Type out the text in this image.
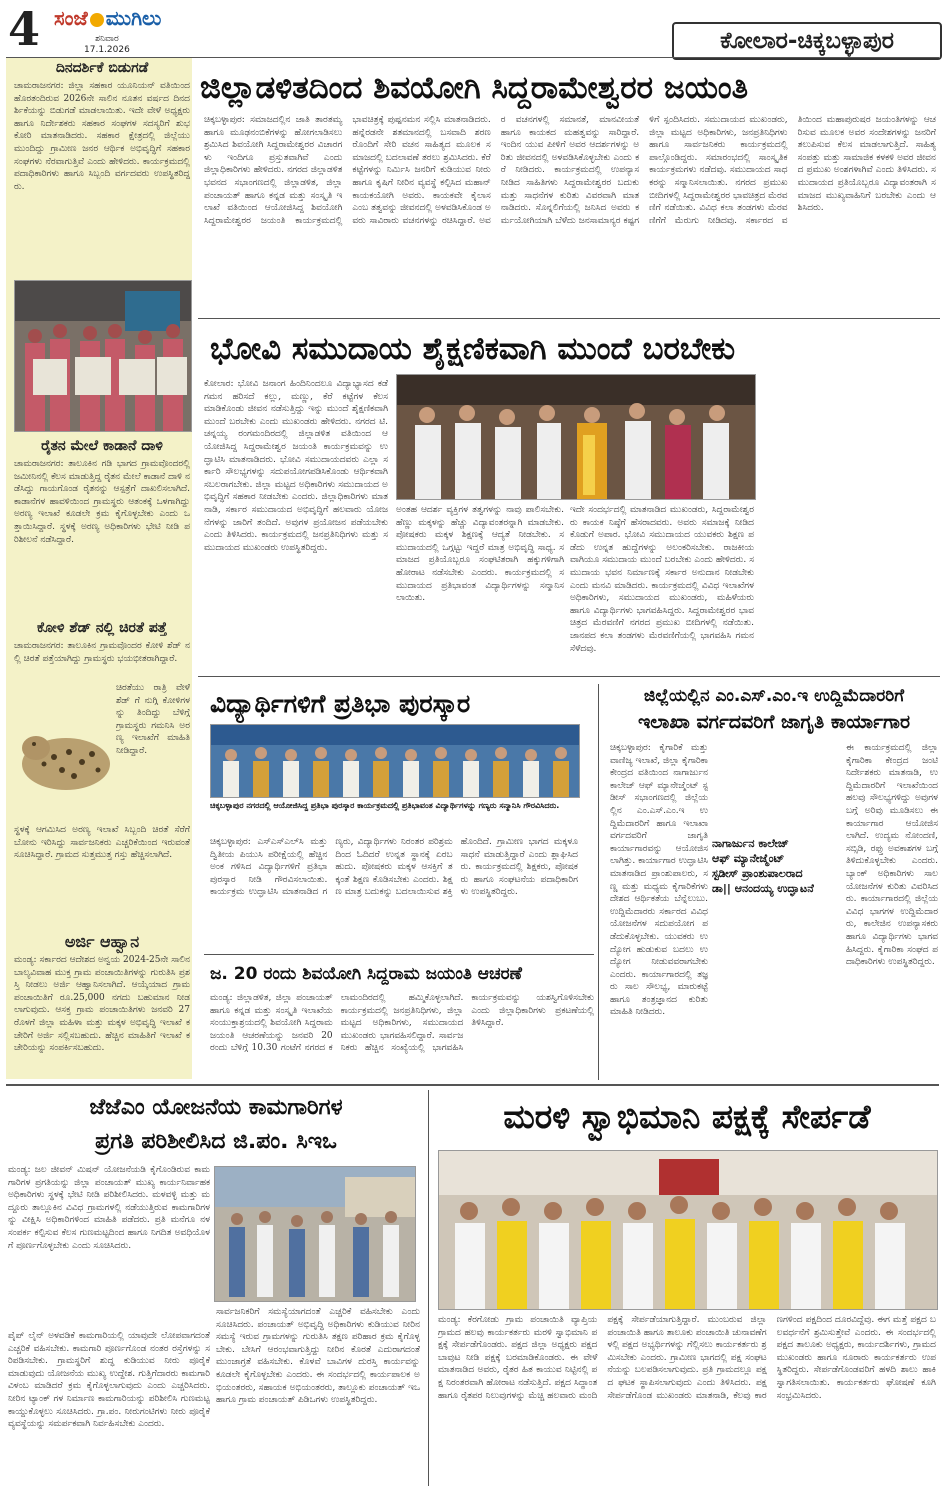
4 ಸಂಜೆ ಮುಗಿಲು
ಶನಿವಾರ
17.1.2026	ಕೋಲಾರ-ಚಿಕ್ಕಬಳ್ಳಾಪುರ
ದಿನದರ್ಶಿಕೆ ಬಿಡುಗಡೆ
ಚಾಮರಾಜನಗರ: ಜಿಲ್ಲಾ ಸಹಕಾರ ಯೂನಿಯನ್ ವತಿಯಿಂದ ಹೊರತಂದಿರುವ 2026ನೇ ಸಾಲಿನ ನೂತನ ವರ್ಷದ ದಿನದರ್ಶಿಕೆಯನ್ನು ಬಿಡುಗಡೆ ಮಾಡಲಾಯಿತು. ಇದೇ ವೇಳೆ ಅಧ್ಯಕ್ಷರು ಹಾಗೂ ನಿರ್ದೇಶಕರು ಸಹಕಾರ ಸಂಘಗಳ ಸದಸ್ಯರಿಗೆ ಶುಭ ಕೋರಿ ಮಾತನಾಡಿದರು. ಸಹಕಾರ ಕ್ಷೇತ್ರದಲ್ಲಿ ಜಿಲ್ಲೆಯು ಮುಂದಿದ್ದು ಗ್ರಾಮೀಣ ಜನರ ಆರ್ಥಿಕ ಅಭಿವೃದ್ಧಿಗೆ ಸಹಕಾರ ಸಂಘಗಳು ನೆರವಾಗುತ್ತಿವೆ ಎಂದು ಹೇಳಿದರು. ಕಾರ್ಯಕ್ರಮದಲ್ಲಿ ಪದಾಧಿಕಾರಿಗಳು ಹಾಗೂ ಸಿಬ್ಬಂದಿ ವರ್ಗದವರು ಉಪಸ್ಥಿತರಿದ್ದರು.
ರೈತನ ಮೇಲೆ ಕಾಡಾನೆ ದಾಳಿ
ಚಾಮರಾಜನಗರ: ತಾಲೂಕಿನ ಗಡಿ ಭಾಗದ ಗ್ರಾಮವೊಂದರಲ್ಲಿ ಜಮೀನಿನಲ್ಲಿ ಕೆಲಸ ಮಾಡುತ್ತಿದ್ದ ರೈತನ ಮೇಲೆ ಕಾಡಾನೆ ದಾಳಿ ನಡೆಸಿದ್ದು ಗಾಯಗೊಂಡ ರೈತನನ್ನು ಆಸ್ಪತ್ರೆಗೆ ದಾಖಲಿಸಲಾಗಿದೆ. ಕಾಡಾನೆಗಳ ಹಾವಳಿಯಿಂದ ಗ್ರಾಮಸ್ಥರು ಆತಂಕಕ್ಕೆ ಒಳಗಾಗಿದ್ದು ಅರಣ್ಯ ಇಲಾಖೆ ಕೂಡಲೇ ಕ್ರಮ ಕೈಗೊಳ್ಳಬೇಕು ಎಂದು ಒತ್ತಾಯಿಸಿದ್ದಾರೆ. ಸ್ಥಳಕ್ಕೆ ಅರಣ್ಯ ಅಧಿಕಾರಿಗಳು ಭೇಟಿ ನೀಡಿ ಪರಿಶೀಲನೆ ನಡೆಸಿದ್ದಾರೆ.
ಕೋಳಿ ಶೆಡ್ ನಲ್ಲಿ ಚಿರತೆ ಪತ್ತೆ
ಚಾಮರಾಜನಗರ: ತಾಲೂಕಿನ ಗ್ರಾಮವೊಂದರ ಕೋಳಿ ಶೆಡ್ ನಲ್ಲಿ ಚಿರತೆ ಪತ್ತೆಯಾಗಿದ್ದು ಗ್ರಾಮಸ್ಥರು ಭಯಭೀತರಾಗಿದ್ದಾರೆ.
ಚಿರತೆಯು ರಾತ್ರಿ ವೇಳೆ ಶೆಡ್ ಗೆ ನುಗ್ಗಿ ಕೋಳಿಗಳನ್ನು ತಿಂದಿದ್ದು ಬೆಳಿಗ್ಗೆ ಗ್ರಾಮಸ್ಥರು ಗಮನಿಸಿ ಅರಣ್ಯ ಇಲಾಖೆಗೆ ಮಾಹಿತಿ ನೀಡಿದ್ದಾರೆ.
ಸ್ಥಳಕ್ಕೆ ಆಗಮಿಸಿದ ಅರಣ್ಯ ಇಲಾಖೆ ಸಿಬ್ಬಂದಿ ಚಿರತೆ ಸೆರೆಗೆ ಬೋನು ಇರಿಸಿದ್ದು ಸಾರ್ವಜನಿಕರು ಎಚ್ಚರಿಕೆಯಿಂದ ಇರುವಂತೆ ಸೂಚಿಸಿದ್ದಾರೆ. ಗ್ರಾಮದ ಸುತ್ತಮುತ್ತ ಗಸ್ತು ಹೆಚ್ಚಿಸಲಾಗಿದೆ.
ಅರ್ಜಿ ಆಹ್ವಾನ
ಮಂಡ್ಯ: ಸರ್ಕಾರದ ಆದೇಶದ ಅನ್ವಯ 2024-25ನೇ ಸಾಲಿನ ಬಾಲ್ಯವಿವಾಹ ಮುಕ್ತ ಗ್ರಾಮ ಪಂಚಾಯಿತಿಗಳನ್ನು ಗುರುತಿಸಿ ಪ್ರಶಸ್ತಿ ನೀಡಲು ಅರ್ಜಿ ಆಹ್ವಾನಿಸಲಾಗಿದೆ. ಆಯ್ಕೆಯಾದ ಗ್ರಾಮ ಪಂಚಾಯಿತಿಗೆ ರೂ.25,000 ನಗದು ಬಹುಮಾನ ನೀಡಲಾಗುವುದು. ಆಸಕ್ತ ಗ್ರಾಮ ಪಂಚಾಯಿತಿಗಳು ಜನವರಿ 27ರೊಳಗೆ ಜಿಲ್ಲಾ ಮಹಿಳಾ ಮತ್ತು ಮಕ್ಕಳ ಅಭಿವೃದ್ಧಿ ಇಲಾಖೆ ಕಚೇರಿಗೆ ಅರ್ಜಿ ಸಲ್ಲಿಸಬಹುದು. ಹೆಚ್ಚಿನ ಮಾಹಿತಿಗೆ ಇಲಾಖೆ ಕಚೇರಿಯನ್ನು ಸಂಪರ್ಕಿಸಬಹುದು.
ಜಿಲ್ಲಾಡಳಿತದಿಂದ ಶಿವಯೋಗಿ ಸಿದ್ದರಾಮೇಶ್ವರರ ಜಯಂತಿ
ಚಿಕ್ಕಬಳ್ಳಾಪುರ: ಸಮಾಜದಲ್ಲಿನ ಜಾತಿ ತಾರತಮ್ಯ ಹಾಗೂ ಮೂಢನಂಬಿಕೆಗಳನ್ನು ಹೋಗಲಾಡಿಸಲು ಶ್ರಮಿಸಿದ ಶಿವಯೋಗಿ ಸಿದ್ದರಾಮೇಶ್ವರರ ವಿಚಾರಗಳು ಇಂದಿಗೂ ಪ್ರಸ್ತುತವಾಗಿವೆ ಎಂದು ಜಿಲ್ಲಾಧಿಕಾರಿಗಳು ಹೇಳಿದರು. ನಗರದ ಜಿಲ್ಲಾಡಳಿತ ಭವನದ ಸಭಾಂಗಣದಲ್ಲಿ ಜಿಲ್ಲಾಡಳಿತ, ಜಿಲ್ಲಾ ಪಂಚಾಯತ್ ಹಾಗೂ ಕನ್ನಡ ಮತ್ತು ಸಂಸ್ಕೃತಿ ಇಲಾಖೆ ವತಿಯಿಂದ ಆಯೋಜಿಸಿದ್ದ ಶಿವಯೋಗಿ ಸಿದ್ದರಾಮೇಶ್ವರರ ಜಯಂತಿ ಕಾರ್ಯಕ್ರಮದಲ್ಲಿ ಭಾವಚಿತ್ರಕ್ಕೆ ಪುಷ್ಪನಮನ ಸಲ್ಲಿಸಿ ಮಾತನಾಡಿದರು. ಹನ್ನೆರಡನೇ ಶತಮಾನದಲ್ಲಿ ಬಸವಾದಿ ಶರಣರೊಂದಿಗೆ ಸೇರಿ ವಚನ ಸಾಹಿತ್ಯದ ಮೂಲಕ ಸಮಾಜದಲ್ಲಿ ಬದಲಾವಣೆ ತರಲು ಶ್ರಮಿಸಿದರು. ಕೆರೆ ಕಟ್ಟೆಗಳನ್ನು ನಿರ್ಮಿಸಿ ಜನರಿಗೆ ಕುಡಿಯುವ ನೀರು ಹಾಗೂ ಕೃಷಿಗೆ ನೀರಿನ ವ್ಯವಸ್ಥೆ ಕಲ್ಪಿಸಿದ ಮಹಾನ್ ಕಾಯಕಯೋಗಿ ಅವರು. ಕಾಯಕವೇ ಕೈಲಾಸ ಎಂಬ ತತ್ವವನ್ನು ಜೀವನದಲ್ಲಿ ಅಳವಡಿಸಿಕೊಂಡ ಅವರು ಸಾವಿರಾರು ವಚನಗಳನ್ನು ರಚಿಸಿದ್ದಾರೆ. ಅವರ ವಚನಗಳಲ್ಲಿ ಸಮಾನತೆ, ಮಾನವೀಯತೆ ಹಾಗೂ ಕಾಯಕದ ಮಹತ್ವವನ್ನು ಸಾರಿದ್ದಾರೆ. ಇಂದಿನ ಯುವ ಪೀಳಿಗೆ ಅವರ ಆದರ್ಶಗಳನ್ನು ಅರಿತು ಜೀವನದಲ್ಲಿ ಅಳವಡಿಸಿಕೊಳ್ಳಬೇಕು ಎಂದು ಕರೆ ನೀಡಿದರು. ಕಾರ್ಯಕ್ರಮದಲ್ಲಿ ಉಪನ್ಯಾಸ ನೀಡಿದ ಸಾಹಿತಿಗಳು ಸಿದ್ದರಾಮೇಶ್ವರರ ಬದುಕು ಮತ್ತು ಸಾಧನೆಗಳ ಕುರಿತು ವಿವರವಾಗಿ ಮಾತನಾಡಿದರು. ಸೊನ್ನಲಿಗೆಯಲ್ಲಿ ಜನಿಸಿದ ಅವರು ಕರ್ಮಯೋಗಿಯಾಗಿ ಬೆಳೆದು ಜನಸಾಮಾನ್ಯರ ಕಷ್ಟಗಳಿಗೆ ಸ್ಪಂದಿಸಿದರು. ಸಮುದಾಯದ ಮುಖಂಡರು, ಜಿಲ್ಲಾ ಮಟ್ಟದ ಅಧಿಕಾರಿಗಳು, ಜನಪ್ರತಿನಿಧಿಗಳು ಹಾಗೂ ಸಾರ್ವಜನಿಕರು ಕಾರ್ಯಕ್ರಮದಲ್ಲಿ ಪಾಲ್ಗೊಂಡಿದ್ದರು. ಸಮಾರಂಭದಲ್ಲಿ ಸಾಂಸ್ಕೃತಿಕ ಕಾರ್ಯಕ್ರಮಗಳು ನಡೆದವು. ಸಮುದಾಯದ ಸಾಧಕರನ್ನು ಸನ್ಮಾನಿಸಲಾಯಿತು. ನಗರದ ಪ್ರಮುಖ ಬೀದಿಗಳಲ್ಲಿ ಸಿದ್ದರಾಮೇಶ್ವರರ ಭಾವಚಿತ್ರದ ಮೆರವಣಿಗೆ ನಡೆಯಿತು. ವಿವಿಧ ಕಲಾ ತಂಡಗಳು ಮೆರವಣಿಗೆಗೆ ಮೆರುಗು ನೀಡಿದವು. ಸರ್ಕಾರದ ವತಿಯಿಂದ ಮಹಾಪುರುಷರ ಜಯಂತಿಗಳನ್ನು ಆಚರಿಸುವ ಮೂಲಕ ಅವರ ಸಂದೇಶಗಳನ್ನು ಜನರಿಗೆ ತಲುಪಿಸುವ ಕೆಲಸ ಮಾಡಲಾಗುತ್ತಿದೆ. ಸಾಹಿತ್ಯ ಸಂಪತ್ತು ಮತ್ತು ಸಾಮಾಜಿಕ ಕಳಕಳಿ ಅವರ ಜೀವನದ ಪ್ರಮುಖ ಅಂಶಗಳಾಗಿವೆ ಎಂದು ತಿಳಿಸಿದರು. ಸಮುದಾಯದ ಪ್ರತಿಯೊಬ್ಬರೂ ವಿದ್ಯಾವಂತರಾಗಿ ಸಮಾಜದ ಮುಖ್ಯವಾಹಿನಿಗೆ ಬರಬೇಕು ಎಂದು ಆಶಿಸಿದರು.
ಭೋವಿ ಸಮುದಾಯ ಶೈಕ್ಷಣಿಕವಾಗಿ ಮುಂದೆ ಬರಬೇಕು
ಕೋಲಾರ: ಭೋವಿ ಜನಾಂಗ ಹಿಂದಿನಿಂದಲೂ ವಿದ್ಯಾಭ್ಯಾಸದ ಕಡೆ ಗಮನ ಹರಿಸದೆ ಕಲ್ಲು, ಮಣ್ಣು, ಕೆರೆ ಕಟ್ಟೆಗಳ ಕೆಲಸ ಮಾಡಿಕೊಂಡು ಜೀವನ ನಡೆಸುತ್ತಿದ್ದು ಇನ್ನು ಮುಂದೆ ಶೈಕ್ಷಣಿಕವಾಗಿ ಮುಂದೆ ಬರಬೇಕು ಎಂದು ಮುಖಂಡರು ಹೇಳಿದರು. ನಗರದ ಟಿ.ಚನ್ನಯ್ಯ ರಂಗಮಂದಿರದಲ್ಲಿ ಜಿಲ್ಲಾಡಳಿತ ವತಿಯಿಂದ ಆಯೋಜಿಸಿದ್ದ ಸಿದ್ದರಾಮೇಶ್ವರ ಜಯಂತಿ ಕಾರ್ಯಕ್ರಮವನ್ನು ಉದ್ಘಾಟಿಸಿ ಮಾತನಾಡಿದರು. ಭೋವಿ ಸಮುದಾಯದವರು ಎಲ್ಲಾ ಸರ್ಕಾರಿ ಸೌಲಭ್ಯಗಳನ್ನು ಸದುಪಯೋಗಪಡಿಸಿಕೊಂಡು ಆರ್ಥಿಕವಾಗಿ ಸಬಲರಾಗಬೇಕು. ಜಿಲ್ಲಾ ಮಟ್ಟದ ಅಧಿಕಾರಿಗಳು ಸಮುದಾಯದ ಅಭಿವೃದ್ಧಿಗೆ ಸಹಕಾರ ನೀಡಬೇಕು ಎಂದರು. ಜಿಲ್ಲಾಧಿಕಾರಿಗಳು ಮಾತನಾಡಿ, ಸರ್ಕಾರ ಸಮುದಾಯದ ಅಭಿವೃದ್ಧಿಗೆ ಹಲವಾರು ಯೋಜನೆಗಳನ್ನು ಜಾರಿಗೆ ತಂದಿದೆ. ಅವುಗಳ ಪ್ರಯೋಜನ ಪಡೆಯಬೇಕು ಎಂದು ತಿಳಿಸಿದರು. ಕಾರ್ಯಕ್ರಮದಲ್ಲಿ ಜನಪ್ರತಿನಿಧಿಗಳು ಮತ್ತು ಸಮುದಾಯದ ಮುಖಂಡರು ಉಪಸ್ಥಿತರಿದ್ದರು.
ಅಂತಹ ಆದರ್ಶ ವ್ಯಕ್ತಿಗಳ ತತ್ವಗಳನ್ನು ನಾವು ಪಾಲಿಸಬೇಕು. ಹೆಣ್ಣು ಮಕ್ಕಳನ್ನು ಹೆಚ್ಚು ವಿದ್ಯಾವಂತರನ್ನಾಗಿ ಮಾಡಬೇಕು. ಪೋಷಕರು ಮಕ್ಕಳ ಶಿಕ್ಷಣಕ್ಕೆ ಆದ್ಯತೆ ನೀಡಬೇಕು. ಸಮುದಾಯದಲ್ಲಿ ಒಗ್ಗಟ್ಟು ಇದ್ದರೆ ಮಾತ್ರ ಅಭಿವೃದ್ಧಿ ಸಾಧ್ಯ. ಸಮಾಜದ ಪ್ರತಿಯೊಬ್ಬರೂ ಸಂಘಟಿತರಾಗಿ ಹಕ್ಕುಗಳಿಗಾಗಿ ಹೋರಾಟ ನಡೆಸಬೇಕು ಎಂದರು. ಕಾರ್ಯಕ್ರಮದಲ್ಲಿ ಸಮುದಾಯದ ಪ್ರತಿಭಾವಂತ ವಿದ್ಯಾರ್ಥಿಗಳನ್ನು ಸನ್ಮಾನಿಸಲಾಯಿತು.
ಇದೇ ಸಂದರ್ಭದಲ್ಲಿ ಮಾತನಾಡಿದ ಮುಖಂಡರು, ಸಿದ್ದರಾಮೇಶ್ವರರು ಕಾಯಕ ನಿಷ್ಠೆಗೆ ಹೆಸರಾದವರು. ಅವರು ಸಮಾಜಕ್ಕೆ ನೀಡಿದ ಕೊಡುಗೆ ಅಪಾರ. ಭೋವಿ ಸಮುದಾಯದ ಯುವಕರು ಶಿಕ್ಷಣ ಪಡೆದು ಉನ್ನತ ಹುದ್ದೆಗಳನ್ನು ಅಲಂಕರಿಸಬೇಕು. ರಾಜಕೀಯವಾಗಿಯೂ ಸಮುದಾಯ ಮುಂದೆ ಬರಬೇಕು ಎಂದು ಹೇಳಿದರು. ಸಮುದಾಯ ಭವನ ನಿರ್ಮಾಣಕ್ಕೆ ಸರ್ಕಾರ ಅನುದಾನ ನೀಡಬೇಕು ಎಂದು ಮನವಿ ಮಾಡಿದರು. ಕಾರ್ಯಕ್ರಮದಲ್ಲಿ ವಿವಿಧ ಇಲಾಖೆಗಳ ಅಧಿಕಾರಿಗಳು, ಸಮುದಾಯದ ಮುಖಂಡರು, ಮಹಿಳೆಯರು ಹಾಗೂ ವಿದ್ಯಾರ್ಥಿಗಳು ಭಾಗವಹಿಸಿದ್ದರು. ಸಿದ್ದರಾಮೇಶ್ವರರ ಭಾವಚಿತ್ರದ ಮೆರವಣಿಗೆ ನಗರದ ಪ್ರಮುಖ ಬೀದಿಗಳಲ್ಲಿ ನಡೆಯಿತು. ಜಾನಪದ ಕಲಾ ತಂಡಗಳು ಮೆರವಣಿಗೆಯಲ್ಲಿ ಭಾಗವಹಿಸಿ ಗಮನ ಸೆಳೆದವು.
ವಿದ್ಯಾರ್ಥಿಗಳಿಗೆ ಪ್ರತಿಭಾ ಪುರಸ್ಕಾರ
ಚಿಕ್ಕಬಳ್ಳಾಪುರ ನಗರದಲ್ಲಿ ಆಯೋಜಿಸಿದ್ದ ಪ್ರತಿಭಾ ಪುರಸ್ಕಾರ ಕಾರ್ಯಕ್ರಮದಲ್ಲಿ ಪ್ರತಿಭಾವಂತ ವಿದ್ಯಾರ್ಥಿಗಳನ್ನು ಗಣ್ಯರು ಸನ್ಮಾನಿಸಿ ಗೌರವಿಸಿದರು.
ಚಿಕ್ಕಬಳ್ಳಾಪುರ: ಎಸ್ಎಸ್ಎಲ್‌ಸಿ ಮತ್ತು ದ್ವಿತೀಯ ಪಿಯುಸಿ ಪರೀಕ್ಷೆಯಲ್ಲಿ ಹೆಚ್ಚಿನ ಅಂಕ ಗಳಿಸಿದ ವಿದ್ಯಾರ್ಥಿಗಳಿಗೆ ಪ್ರತಿಭಾ ಪುರಸ್ಕಾರ ನೀಡಿ ಗೌರವಿಸಲಾಯಿತು. ಕಾರ್ಯಕ್ರಮ ಉದ್ಘಾಟಿಸಿ ಮಾತನಾಡಿದ ಗಣ್ಯರು, ವಿದ್ಯಾರ್ಥಿಗಳು ನಿರಂತರ ಪರಿಶ್ರಮದಿಂದ ಓದಿದರೆ ಉನ್ನತ ಸ್ಥಾನಕ್ಕೆ ಏರಬಹುದು. ಪೋಷಕರು ಮಕ್ಕಳ ಆಸಕ್ತಿಗೆ ತಕ್ಕಂತೆ ಶಿಕ್ಷಣ ಕೊಡಿಸಬೇಕು ಎಂದರು. ಶಿಕ್ಷಣ ಮಾತ್ರ ಬದುಕನ್ನು ಬದಲಾಯಿಸುವ ಶಕ್ತಿ ಹೊಂದಿದೆ. ಗ್ರಾಮೀಣ ಭಾಗದ ಮಕ್ಕಳೂ ಸಾಧನೆ ಮಾಡುತ್ತಿದ್ದಾರೆ ಎಂದು ಶ್ಲಾಘಿಸಿದರು. ಕಾರ್ಯಕ್ರಮದಲ್ಲಿ ಶಿಕ್ಷಕರು, ಪೋಷಕರು ಹಾಗೂ ಸಂಘಟನೆಯ ಪದಾಧಿಕಾರಿಗಳು ಉಪಸ್ಥಿತರಿದ್ದರು.
ಜ. 20 ರಂದು ಶಿವಯೋಗಿ ಸಿದ್ದರಾಮ ಜಯಂತಿ ಆಚರಣೆ
ಮಂಡ್ಯ: ಜಿಲ್ಲಾಡಳಿತ, ಜಿಲ್ಲಾ ಪಂಚಾಯತ್ ಹಾಗೂ ಕನ್ನಡ ಮತ್ತು ಸಂಸ್ಕೃತಿ ಇಲಾಖೆಯ ಸಂಯುಕ್ತಾಶ್ರಯದಲ್ಲಿ ಶಿವಯೋಗಿ ಸಿದ್ದರಾಮ ಜಯಂತಿ ಆಚರಣೆಯನ್ನು ಜನವರಿ 20ರಂದು ಬೆಳಿಗ್ಗೆ 10.30 ಗಂಟೆಗೆ ನಗರದ ಕಲಾಮಂದಿರದಲ್ಲಿ ಹಮ್ಮಿಕೊಳ್ಳಲಾಗಿದೆ. ಕಾರ್ಯಕ್ರಮದಲ್ಲಿ ಜನಪ್ರತಿನಿಧಿಗಳು, ಜಿಲ್ಲಾ ಮಟ್ಟದ ಅಧಿಕಾರಿಗಳು, ಸಮುದಾಯದ ಮುಖಂಡರು ಭಾಗವಹಿಸಲಿದ್ದಾರೆ. ಸಾರ್ವಜನಿಕರು ಹೆಚ್ಚಿನ ಸಂಖ್ಯೆಯಲ್ಲಿ ಭಾಗವಹಿಸಿ ಕಾರ್ಯಕ್ರಮವನ್ನು ಯಶಸ್ವಿಗೊಳಿಸಬೇಕು ಎಂದು ಜಿಲ್ಲಾಧಿಕಾರಿಗಳು ಪ್ರಕಟಣೆಯಲ್ಲಿ ತಿಳಿಸಿದ್ದಾರೆ.
ಜಿಲ್ಲೆಯಲ್ಲಿನ ಎಂ.ಎಸ್.ಎಂ.ಇ ಉದ್ದಿಮೆದಾರರಿಗೆ
ಇಲಾಖಾ ವರ್ಗದವರಿಗೆ ಜಾಗೃತಿ ಕಾರ್ಯಾಗಾರ
ಚಿಕ್ಕಬಳ್ಳಾಪುರ: ಕೈಗಾರಿಕೆ ಮತ್ತು ವಾಣಿಜ್ಯ ಇಲಾಖೆ, ಜಿಲ್ಲಾ ಕೈಗಾರಿಕಾ ಕೇಂದ್ರದ ವತಿಯಿಂದ ನಾಗಾರ್ಜುನ ಕಾಲೇಜ್ ಆಫ್ ಮ್ಯಾನೇಜ್ಮೆಂಟ್ ಸ್ಟಡೀಸ್ ಸಭಾಂಗಣದಲ್ಲಿ ಜಿಲ್ಲೆಯಲ್ಲಿನ ಎಂ.ಎಸ್.ಎಂ.ಇ ಉದ್ದಿಮೆದಾರರಿಗೆ ಹಾಗೂ ಇಲಾಖಾ ವರ್ಗದವರಿಗೆ ಜಾಗೃತಿ ಕಾರ್ಯಾಗಾರವನ್ನು ಆಯೋಜಿಸಲಾಗಿತ್ತು. ಕಾರ್ಯಾಗಾರ ಉದ್ಘಾಟಿಸಿ ಮಾತನಾಡಿದ ಪ್ರಾಂಶುಪಾಲರು, ಸಣ್ಣ ಮತ್ತು ಮಧ್ಯಮ ಕೈಗಾರಿಕೆಗಳು ದೇಶದ ಆರ್ಥಿಕತೆಯ ಬೆನ್ನೆಲುಬು. ಉದ್ದಿಮೆದಾರರು ಸರ್ಕಾರದ ವಿವಿಧ ಯೋಜನೆಗಳ ಸದುಪಯೋಗ ಪಡೆದುಕೊಳ್ಳಬೇಕು. ಯುವಕರು ಉದ್ಯೋಗ ಹುಡುಕುವ ಬದಲು ಉದ್ಯೋಗ ನೀಡುವವರಾಗಬೇಕು ಎಂದರು. ಕಾರ್ಯಾಗಾರದಲ್ಲಿ ತಜ್ಞರು ಸಾಲ ಸೌಲಭ್ಯ, ಮಾರುಕಟ್ಟೆ ಹಾಗೂ ತಂತ್ರಜ್ಞಾನದ ಕುರಿತು ಮಾಹಿತಿ ನೀಡಿದರು.
ನಾಗಾರ್ಜುನ ಕಾಲೇಜ್
ಆಫ್ ಮ್ಯಾನೇಜ್ಮೆಂಟ್
ಸ್ಟಡೀಸ್ ಪ್ರಾಂಶುಪಾಲರಾದ
ಡಾ|| ಆನಂದಯ್ಯ ಉದ್ಘಾಟನೆ
ಈ ಕಾರ್ಯಕ್ರಮದಲ್ಲಿ ಜಿಲ್ಲಾ ಕೈಗಾರಿಕಾ ಕೇಂದ್ರದ ಜಂಟಿ ನಿರ್ದೇಶಕರು ಮಾತನಾಡಿ, ಉದ್ದಿಮೆದಾರರಿಗೆ ಇಲಾಖೆಯಿಂದ ಹಲವು ಸೌಲಭ್ಯಗಳಿದ್ದು ಅವುಗಳ ಬಗ್ಗೆ ಅರಿವು ಮೂಡಿಸಲು ಈ ಕಾರ್ಯಾಗಾರ ಆಯೋಜಿಸಲಾಗಿದೆ. ಉದ್ಯಮ ನೋಂದಣಿ, ಸಬ್ಸಿಡಿ, ರಫ್ತು ಅವಕಾಶಗಳ ಬಗ್ಗೆ ತಿಳಿದುಕೊಳ್ಳಬೇಕು ಎಂದರು. ಬ್ಯಾಂಕ್ ಅಧಿಕಾರಿಗಳು ಸಾಲ ಯೋಜನೆಗಳ ಕುರಿತು ವಿವರಿಸಿದರು. ಕಾರ್ಯಾಗಾರದಲ್ಲಿ ಜಿಲ್ಲೆಯ ವಿವಿಧ ಭಾಗಗಳ ಉದ್ದಿಮೆದಾರರು, ಕಾಲೇಜಿನ ಉಪನ್ಯಾಸಕರು ಹಾಗೂ ವಿದ್ಯಾರ್ಥಿಗಳು ಭಾಗವಹಿಸಿದ್ದರು. ಕೈಗಾರಿಕಾ ಸಂಘದ ಪದಾಧಿಕಾರಿಗಳು ಉಪಸ್ಥಿತರಿದ್ದರು.
ಜೆಜೆಎಂ ಯೋಜನೆಯ ಕಾಮಗಾರಿಗಳ
ಪ್ರಗತಿ ಪರಿಶೀಲಿಸಿದ ಜಿ.ಪಂ. ಸಿಇಒ
ಮಂಡ್ಯ: ಜಲ ಜೀವನ್ ಮಿಷನ್ ಯೋಜನೆಯಡಿ ಕೈಗೊಂಡಿರುವ ಕಾಮಗಾರಿಗಳ ಪ್ರಗತಿಯನ್ನು ಜಿಲ್ಲಾ ಪಂಚಾಯತ್ ಮುಖ್ಯ ಕಾರ್ಯನಿರ್ವಾಹಕ ಅಧಿಕಾರಿಗಳು ಸ್ಥಳಕ್ಕೆ ಭೇಟಿ ನೀಡಿ ಪರಿಶೀಲಿಸಿದರು. ಮಳವಳ್ಳಿ ಮತ್ತು ಮದ್ದೂರು ತಾಲ್ಲೂಕಿನ ವಿವಿಧ ಗ್ರಾಮಗಳಲ್ಲಿ ನಡೆಯುತ್ತಿರುವ ಕಾಮಗಾರಿಗಳನ್ನು ವೀಕ್ಷಿಸಿ ಅಧಿಕಾರಿಗಳಿಂದ ಮಾಹಿತಿ ಪಡೆದರು. ಪ್ರತಿ ಮನೆಗೂ ನಳ ಸಂಪರ್ಕ ಕಲ್ಪಿಸುವ ಕೆಲಸ ಗುಣಮಟ್ಟದಿಂದ ಹಾಗೂ ನಿಗದಿತ ಅವಧಿಯೊಳಗೆ ಪೂರ್ಣಗೊಳ್ಳಬೇಕು ಎಂದು ಸೂಚಿಸಿದರು.
ಪೈಪ್ ಲೈನ್ ಅಳವಡಿಕೆ ಕಾಮಗಾರಿಯಲ್ಲಿ ಯಾವುದೇ ಲೋಪವಾಗದಂತೆ ಎಚ್ಚರಿಕೆ ವಹಿಸಬೇಕು. ಕಾಮಗಾರಿ ಪೂರ್ಣಗೊಂಡ ನಂತರ ರಸ್ತೆಗಳನ್ನು ಸರಿಪಡಿಸಬೇಕು. ಗ್ರಾಮಸ್ಥರಿಗೆ ಶುದ್ಧ ಕುಡಿಯುವ ನೀರು ಪೂರೈಕೆ ಮಾಡುವುದು ಯೋಜನೆಯ ಮುಖ್ಯ ಉದ್ದೇಶ. ಗುತ್ತಿಗೆದಾರರು ಕಾಮಗಾರಿ ವಿಳಂಬ ಮಾಡಿದರೆ ಕ್ರಮ ಕೈಗೊಳ್ಳಲಾಗುವುದು ಎಂದು ಎಚ್ಚರಿಸಿದರು. ನೀರಿನ ಟ್ಯಾಂಕ್ ಗಳ ನಿರ್ಮಾಣ ಕಾಮಗಾರಿಯನ್ನು ಪರಿಶೀಲಿಸಿ ಗುಣಮಟ್ಟ ಕಾಯ್ದುಕೊಳ್ಳಲು ಸೂಚಿಸಿದರು. ಗ್ರಾ.ಪಂ. ನೀರುಗಂಟಿಗಳು ನೀರು ಪೂರೈಕೆ ವ್ಯವಸ್ಥೆಯನ್ನು ಸಮರ್ಪಕವಾಗಿ ನಿರ್ವಹಿಸಬೇಕು ಎಂದರು.
ಸಾರ್ವಜನಿಕರಿಗೆ ಸಮಸ್ಯೆಯಾಗದಂತೆ ಎಚ್ಚರಿಕೆ ವಹಿಸಬೇಕು ಎಂದು ಸೂಚಿಸಿದರು. ಪಂಚಾಯತ್ ಅಭಿವೃದ್ಧಿ ಅಧಿಕಾರಿಗಳು ಕುಡಿಯುವ ನೀರಿನ ಸಮಸ್ಯೆ ಇರುವ ಗ್ರಾಮಗಳನ್ನು ಗುರುತಿಸಿ ತಕ್ಷಣ ಪರಿಹಾರ ಕ್ರಮ ಕೈಗೊಳ್ಳಬೇಕು. ಬೇಸಿಗೆ ಆರಂಭವಾಗುತ್ತಿದ್ದು ನೀರಿನ ಕೊರತೆ ಎದುರಾಗದಂತೆ ಮುಂಜಾಗ್ರತೆ ವಹಿಸಬೇಕು. ಕೊಳವೆ ಬಾವಿಗಳ ದುರಸ್ತಿ ಕಾರ್ಯವನ್ನು ಕೂಡಲೇ ಕೈಗೊಳ್ಳಬೇಕು ಎಂದರು. ಈ ಸಂದರ್ಭದಲ್ಲಿ ಕಾರ್ಯಪಾಲಕ ಅಭಿಯಂತರರು, ಸಹಾಯಕ ಅಭಿಯಂತರರು, ತಾಲ್ಲೂಕು ಪಂಚಾಯತ್ ಇಒ ಹಾಗೂ ಗ್ರಾಮ ಪಂಚಾಯತ್ ಪಿಡಿಒಗಳು ಉಪಸ್ಥಿತರಿದ್ದರು.
ಮರಳಿ ಸ್ವಾಭಿಮಾನಿ ಪಕ್ಷಕ್ಕೆ ಸೇರ್ಪಡೆ
ಮಂಡ್ಯ: ಕೆರಗೋಡು ಗ್ರಾಮ ಪಂಚಾಯಿತಿ ವ್ಯಾಪ್ತಿಯ ಗ್ರಾಮದ ಹಲವು ಕಾರ್ಯಕರ್ತರು ಮರಳಿ ಸ್ವಾಭಿಮಾನಿ ಪಕ್ಷಕ್ಕೆ ಸೇರ್ಪಡೆಗೊಂಡರು. ಪಕ್ಷದ ಜಿಲ್ಲಾ ಅಧ್ಯಕ್ಷರು ಪಕ್ಷದ ಬಾವುಟ ನೀಡಿ ಪಕ್ಷಕ್ಕೆ ಬರಮಾಡಿಕೊಂಡರು. ಈ ವೇಳೆ ಮಾತನಾಡಿದ ಅವರು, ರೈತರ ಹಿತ ಕಾಯುವ ನಿಟ್ಟಿನಲ್ಲಿ ಪಕ್ಷ ನಿರಂತರವಾಗಿ ಹೋರಾಟ ನಡೆಸುತ್ತಿದೆ. ಪಕ್ಷದ ಸಿದ್ಧಾಂತ ಹಾಗೂ ರೈತಪರ ನಿಲುವುಗಳನ್ನು ಮೆಚ್ಚಿ ಹಲವಾರು ಮಂದಿ ಪಕ್ಷಕ್ಕೆ ಸೇರ್ಪಡೆಯಾಗುತ್ತಿದ್ದಾರೆ. ಮುಂಬರುವ ಜಿಲ್ಲಾ ಪಂಚಾಯಿತಿ ಹಾಗೂ ತಾಲೂಕು ಪಂಚಾಯಿತಿ ಚುನಾವಣೆಗಳಲ್ಲಿ ಪಕ್ಷದ ಅಭ್ಯರ್ಥಿಗಳನ್ನು ಗೆಲ್ಲಿಸಲು ಕಾರ್ಯಕರ್ತರು ಶ್ರಮಿಸಬೇಕು ಎಂದರು. ಗ್ರಾಮೀಣ ಭಾಗದಲ್ಲಿ ಪಕ್ಷ ಸಂಘಟನೆಯನ್ನು ಬಲಪಡಿಸಲಾಗುವುದು. ಪ್ರತಿ ಗ್ರಾಮದಲ್ಲೂ ಪಕ್ಷದ ಘಟಕ ಸ್ಥಾಪಿಸಲಾಗುವುದು ಎಂದು ತಿಳಿಸಿದರು. ಪಕ್ಷ ಸೇರ್ಪಡೆಗೊಂಡ ಮುಖಂಡರು ಮಾತನಾಡಿ, ಕೆಲವು ಕಾರಣಗಳಿಂದ ಪಕ್ಷದಿಂದ ದೂರವಿದ್ದೆವು. ಈಗ ಮತ್ತೆ ಪಕ್ಷದ ಬಲವರ್ಧನೆಗೆ ಶ್ರಮಿಸುತ್ತೇವೆ ಎಂದರು. ಈ ಸಂದರ್ಭದಲ್ಲಿ ಪಕ್ಷದ ತಾಲೂಕು ಅಧ್ಯಕ್ಷರು, ಕಾರ್ಯದರ್ಶಿಗಳು, ಗ್ರಾಮದ ಮುಖಂಡರು ಹಾಗೂ ನೂರಾರು ಕಾರ್ಯಕರ್ತರು ಉಪಸ್ಥಿತರಿದ್ದರು. ಸೇರ್ಪಡೆಗೊಂಡವರಿಗೆ ಹಳದಿ ಶಾಲು ಹಾಕಿ ಸ್ವಾಗತಿಸಲಾಯಿತು. ಕಾರ್ಯಕರ್ತರು ಘೋಷಣೆ ಕೂಗಿ ಸಂಭ್ರಮಿಸಿದರು.
